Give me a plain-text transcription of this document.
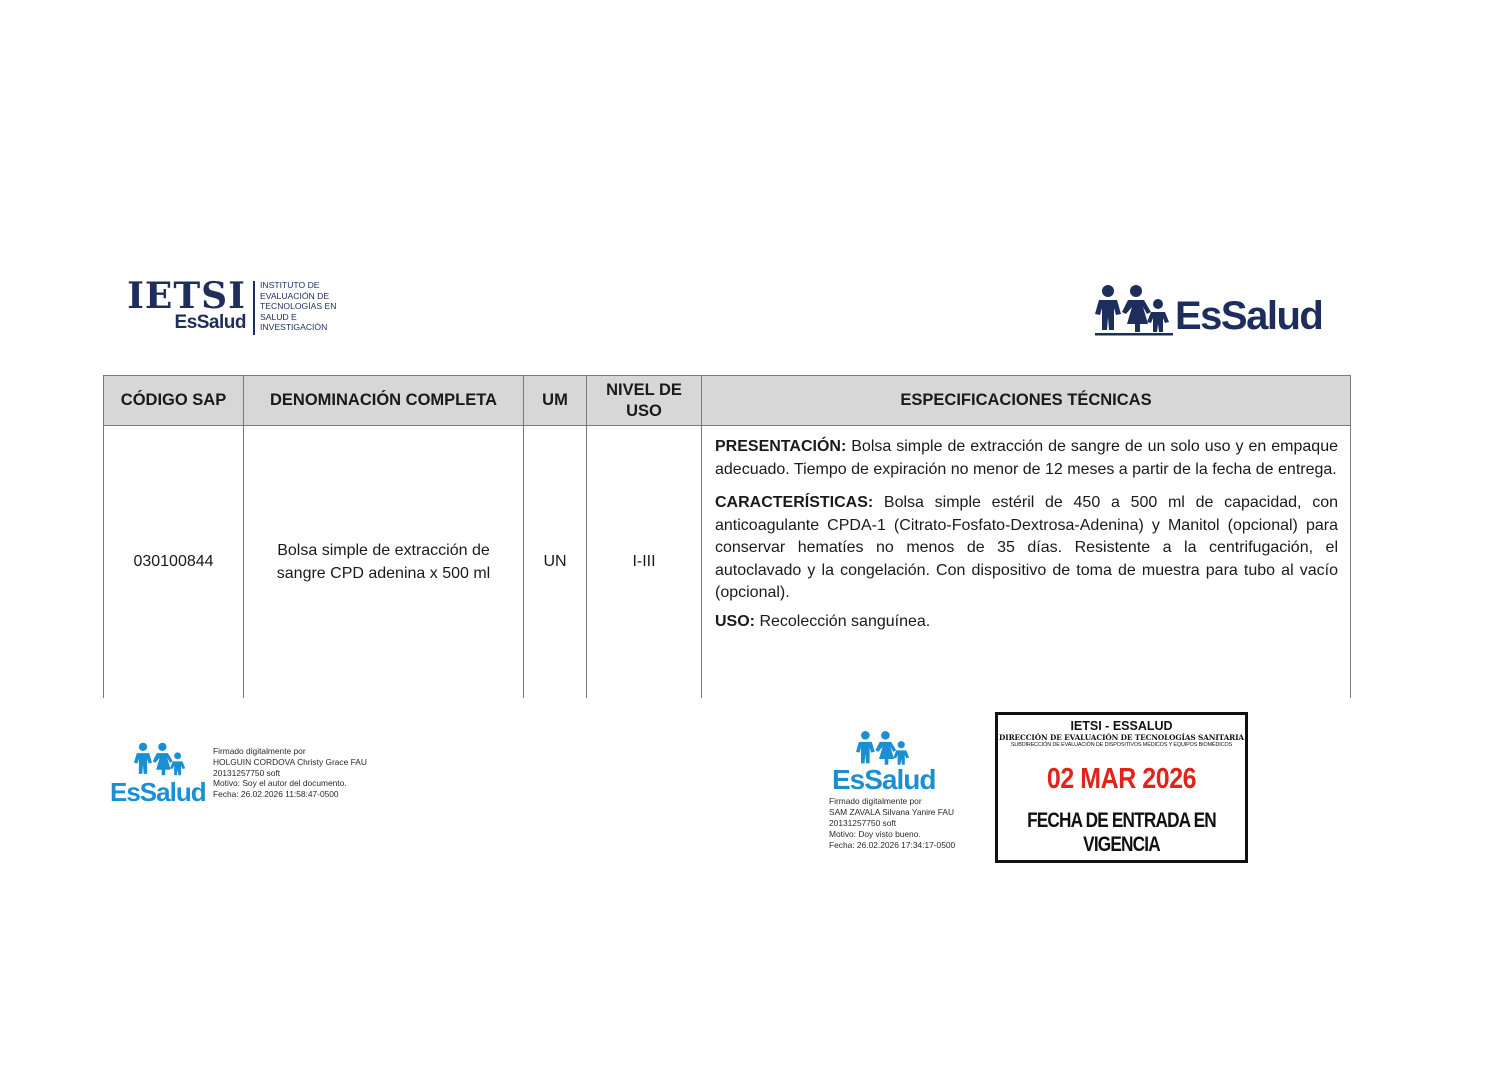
IETSI
EsSalud
INSTITUTO DE
EVALUACIÓN DE
TECNOLOGÍAS EN
SALUD E
INVESTIGACIÓN	EsSalud
CÓDIGO SAP	DENOMINACIÓN COMPLETA	UM	NIVEL DE USO	ESPECIFICACIONES TÉCNICAS
030100844	Bolsa simple de extracción de sangre CPD adenina x 500 ml	UN	I-III	PRESENTACIÓN: Bolsa simple de extracción de sangre de un solo uso y en empaque adecuado. Tiempo de expiración no menor de 12 meses a partir de la fecha de entrega.

CARACTERÍSTICAS: Bolsa simple estéril de 450 a 500 ml de capacidad, con anticoagulante CPDA-1 (Citrato-Fosfato-Dextrosa-Adenina) y Manitol (opcional) para conservar hematíes no menos de 35 días. Resistente a la centrifugación, el autoclavado y la congelación. Con dispositivo de toma de muestra para tubo al vacío (opcional).

USO: Recolección sanguínea.

EsSalud
Firmado digitalmente por
HOLGUIN CORDOVA Christy Grace FAU
20131257750 soft
Motivo: Soy el autor del documento.
Fecha: 26.02.2026 11:58:47-0500	EsSalud
Firmado digitalmente por
SAM ZAVALA Silvana Yanire FAU
20131257750 soft
Motivo: Doy visto bueno.
Fecha: 26.02.2026 17:34:17-0500
IETSI - ESSALUD
DIRECCIÓN DE EVALUACIÓN DE TECNOLOGÍAS SANITARIA
SUBDIRECCIÓN DE EVALUACIÓN DE DISPOSITIVOS MÉDICOS Y EQUIPOS BIOMÉDICOS
02 MAR 2026
FECHA DE ENTRADA EN VIGENCIA
